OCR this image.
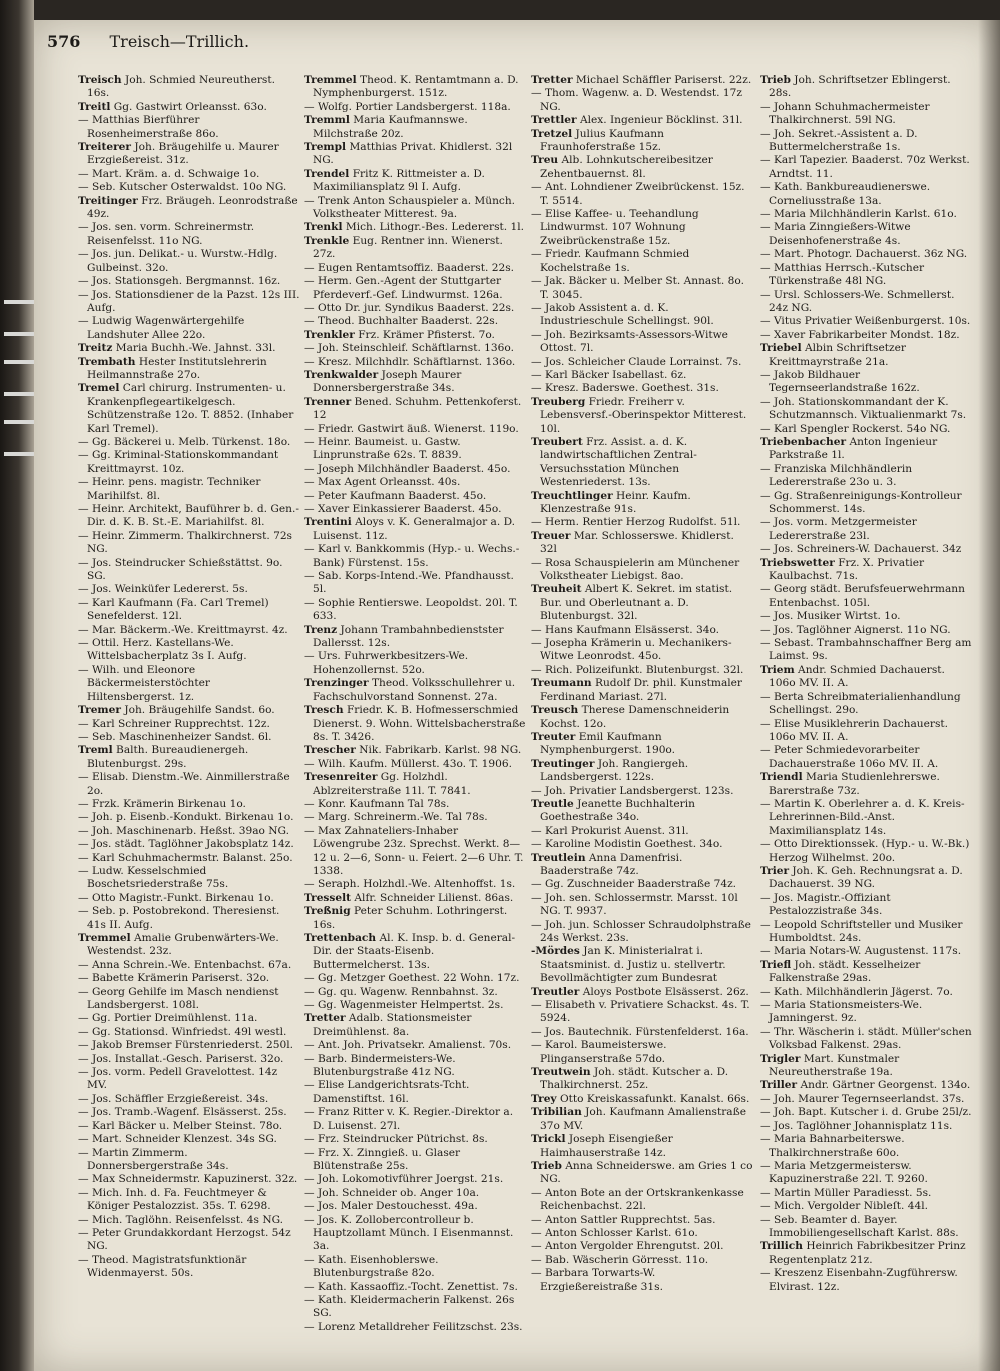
576 Treisch—Trillich.

Treisch Joh. Schmied Neureutherst. 16s.

Treitl Gg. Gastwirt Orleansst. 63o.

— Matthias Bierführer Rosenheimerstraße 86o.

Treiterer Joh. Bräugehilfe u. Maurer Erzgießereist. 31z.

— Mart. Kräm. a. d. Schwaige 1o.

— Seb. Kutscher Osterwaldst. 10o NG.

Treitinger Frz. Bräugeh. Leonrodstraße 49z.

— Jos. sen. vorm. Schreinermstr. Reisenfelsst. 11o NG.

— Jos. jun. Delikat.- u. Wurstw.-Hdlg. Gulbeinst. 32o.

— Jos. Stationsgeh. Bergmannst. 16z.

— Jos. Stationsdiener de la Pazst. 12s III. Aufg.

— Ludwig Wagenwärtergehilfe Landshuter Allee 22o.

Treitz Maria Buchh.-We. Jahnst. 33l.

Trembath Hester Institutslehrerin Heilmannstraße 27o.

Tremel Carl chirurg. Instrumenten- u. Krankenpflegeartikelgesch. Schützenstraße 12o. T. 8852. (Inhaber Karl Tremel).

— Gg. Bäckerei u. Melb. Türkenst. 18o.

— Gg. Kriminal-Stationskommandant Kreittmayrst. 10z.

— Heinr. pens. magistr. Techniker Marihilfst. 8l.

— Heinr. Architekt, Bauführer b. d. Gen.-Dir. d. K. B. St.-E. Mariahilfst. 8l.

— Heinr. Zimmerm. Thalkirchnerst. 72s NG.

— Jos. Steindrucker Schießstättst. 9o. SG.

— Jos. Weinküfer Ledererst. 5s.

— Karl Kaufmann (Fa. Carl Tremel) Senefelderst. 12l.

— Mar. Bäckerm.-We. Kreittmayrst. 4z.

— Ottil. Herz. Kastellans-We. Wittelsbacherplatz 3s I. Aufg.

— Wilh. und Eleonore Bäckermeisterstöchter Hiltensbergerst. 1z.

Tremer Joh. Bräugehilfe Sandst. 6o.

— Karl Schreiner Rupprechtst. 12z.

— Seb. Maschinenheizer Sandst. 6l.

Treml Balth. Bureaudienergeh. Blutenburgst. 29s.

— Elisab. Dienstm.-We. Ainmillerstraße 2o.

— Frzk. Krämerin Birkenau 1o.

— Joh. p. Eisenb.-Kondukt. Birkenau 1o.

— Joh. Maschinenarb. Heßst. 39ao NG.

— Jos. städt. Taglöhner Jakobsplatz 14z.

— Karl Schuhmachermstr. Balanst. 25o.

— Ludw. Kesselschmied Boschetsriederstraße 75s.

— Otto Magistr.-Funkt. Birkenau 1o.

— Seb. p. Postobrekond. Theresienst. 41s II. Aufg.

Tremmel Amalie Grubenwärters-We. Westendst. 23z.

— Anna Schrein.-We. Entenbachst. 67a.

— Babette Krämerin Pariserst. 32o.

— Georg Gehilfe im Masch nendienst Landsbergerst. 108l.

— Gg. Portier Dreimühlenst. 11a.

— Gg. Stationsd. Winfriedst. 49l westl.

— Jakob Bremser Fürstenriederst. 250l.

— Jos. Installat.-Gesch. Pariserst. 32o.

— Jos. vorm. Pedell Gravelottest. 14z MV.

— Jos. Schäffler Erzgießereist. 34s.

— Jos. Tramb.-Wagenf. Elsässerst. 25s.

— Karl Bäcker u. Melber Steinst. 78o.

— Mart. Schneider Klenzest. 34s SG.

— Martin Zimmerm. Donnersbergerstraße 34s.

— Max Schneidermstr. Kapuzinerst. 32z.

— Mich. Inh. d. Fa. Feuchtmeyer & Königer Pestalozzist. 35s. T. 6298.

— Mich. Taglöhn. Reisenfelsst. 4s NG.

— Peter Grundakkordant Herzogst. 54z NG.

— Theod. Magistratsfunktionär Widenmayerst. 50s.

Tremmel Theod. K. Rentamtmann a. D. Nymphenburgerst. 151z.

— Wolfg. Portier Landsbergerst. 118a.

Tremml Maria Kaufmannswe. Milchstraße 20z.

Trempl Matthias Privat. Khidlerst. 32l NG.

Trendel Fritz K. Rittmeister a. D. Maximiliansplatz 9l I. Aufg.

— Trenk Anton Schauspieler a. Münch. Volkstheater Mitterest. 9a.

Trenkl Mich. Lithogr.-Bes. Ledererst. 1l.

Trenkle Eug. Rentner inn. Wienerst. 27z.

— Eugen Rentamtsoffiz. Baaderst. 22s.

— Herm. Gen.-Agent der Stuttgarter Pferdeverf.-Gef. Lindwurmst. 126a.

— Otto Dr. jur. Syndikus Baaderst. 22s.

— Theod. Buchhalter Baaderst. 22s.

Trenkler Frz. Krämer Pfisterst. 7o.

— Joh. Steinschleif. Schäftlarnst. 136o.

— Kresz. Milchhdlr. Schäftlarnst. 136o.

Trenkwalder Joseph Maurer Donnersbergerstraße 34s.

Trenner Bened. Schuhm. Pettenkoferst. 12

— Friedr. Gastwirt äuß. Wienerst. 119o.

— Heinr. Baumeist. u. Gastw. Linprunstraße 62s. T. 8839.

— Joseph Milchhändler Baaderst. 45o.

— Max Agent Orleansst. 40s.

— Peter Kaufmann Baaderst. 45o.

— Xaver Einkassierer Baaderst. 45o.

Trentini Aloys v. K. Generalmajor a. D. Luisenst. 11z.

— Karl v. Bankkommis (Hyp.- u. Wechs.-Bank) Fürstenst. 15s.

— Sab. Korps-Intend.-We. Pfandhausst. 5l.

— Sophie Rentierswe. Leopoldst. 20l. T. 633.

Trenz Johann Trambahnbedienstster Dallersst. 12s.

— Urs. Fuhrwerkbesitzers-We. Hohenzollernst. 52o.

Trenzinger Theod. Volksschullehrer u. Fachschulvorstand Sonnenst. 27a.

Tresch Friedr. K. B. Hofmesserschmied Dienerst. 9. Wohn. Wittelsbacherstraße 8s. T. 3426.

Trescher Nik. Fabrikarb. Karlst. 98 NG.

— Wilh. Kaufm. Müllerst. 43o. T. 1906.

Tresenreiter Gg. Holzhdl. Ablzreiterstraße 11l. T. 7841.

— Konr. Kaufmann Tal 78s.

— Marg. Schreinerm.-We. Tal 78s.

— Max Zahnateliers-Inhaber Löwengrube 23z. Sprechst. Werkt. 8—12 u. 2—6, Sonn- u. Feiert. 2—6 Uhr. T. 1338.

— Seraph. Holzhdl.-We. Altenhoffst. 1s.

Tresselt Alfr. Schneider Lilienst. 86as.

Treßnig Peter Schuhm. Lothringerst. 16s.

Trettenbach Al. K. Insp. b. d. General-Dir. der Staats-Eisenb. Buttermelcherst. 13s.

— Gg. Metzger Goethest. 22 Wohn. 17z.

— Gg. qu. Wagenw. Rennbahnst. 3z.

— Gg. Wagenmeister Helmpertst. 2s.

Tretter Adalb. Stationsmeister Dreimühlenst. 8a.

— Ant. Joh. Privatsekr. Amalienst. 70s.

— Barb. Bindermeisters-We. Blutenburgstraße 41z NG.

— Elise Landgerichtsrats-Tcht. Damenstiftst. 16l.

— Franz Ritter v. K. Regier.-Direktor a. D. Luisenst. 27l.

— Frz. Steindrucker Pütrichst. 8s.

— Frz. X. Zinngieß. u. Glaser Blütenstraße 25s.

— Joh. Lokomotivführer Joergst. 21s.

— Joh. Schneider ob. Anger 10a.

— Jos. Maler Destouchesst. 49a.

— Jos. K. Zollobercontrolleur b. Hauptzollamt Münch. I Eisenmannst. 3a.

— Kath. Eisenhoblerswe. Blutenburgstraße 82o.

— Kath. Kassaoffiz.-Tocht. Zenettist. 7s.

— Kath. Kleidermacherin Falkenst. 26s SG.

— Lorenz Metalldreher Feilitzschst. 23s.

Tretter Michael Schäffler Pariserst. 22z.

— Thom. Wagenw. a. D. Westendst. 17z NG.

Trettler Alex. Ingenieur Böcklinst. 31l.

Tretzel Julius Kaufmann Fraunhoferstraße 15z.

Treu Alb. Lohnkutschereibesitzer Zehentbauernst. 8l.

— Ant. Lohndiener Zweibrückenst. 15z. T. 5514.

— Elise Kaffee- u. Teehandlung Lindwurmst. 107 Wohnung Zweibrückenstraße 15z.

— Friedr. Kaufmann Schmied Kochelstraße 1s.

— Jak. Bäcker u. Melber St. Annast. 8o. T. 3045.

— Jakob Assistent a. d. K. Industrieschule Schellingst. 90l.

— Joh. Bezirksamts-Assessors-Witwe Ottost. 7l.

— Jos. Schleicher Claude Lorrainst. 7s.

— Karl Bäcker Isabellast. 6z.

— Kresz. Baderswe. Goethest. 31s.

Treuberg Friedr. Freiherr v. Lebensversf.-Oberinspektor Mitterest. 10l.

Treubert Frz. Assist. a. d. K. landwirtschaftlichen Zentral-Versuchsstation München Westenriederst. 13s.

Treuchtlinger Heinr. Kaufm. Klenzestraße 91s.

— Herm. Rentier Herzog Rudolfst. 51l.

Treuer Mar. Schlosserswe. Khidlerst. 32l

— Rosa Schauspielerin am Münchener Volkstheater Liebigst. 8ao.

Treuheit Albert K. Sekret. im statist. Bur. und Oberleutnant a. D. Blutenburgst. 32l.

— Hans Kaufmann Elsässerst. 34o.

— Josepha Krämerin u. Mechanikers-Witwe Leonrodst. 45o.

— Rich. Polizeifunkt. Blutenburgst. 32l.

Treumann Rudolf Dr. phil. Kunstmaler Ferdinand Mariast. 27l.

Treusch Therese Damenschneiderin Kochst. 12o.

Treuter Emil Kaufmann Nymphenburgerst. 190o.

Treutinger Joh. Rangiergeh. Landsbergerst. 122s.

— Joh. Privatier Landsbergerst. 123s.

Treutle Jeanette Buchhalterin Goethestraße 34o.

— Karl Prokurist Auenst. 31l.

— Karoline Modistin Goethest. 34o.

Treutlein Anna Damenfrisi. Baaderstraße 74z.

— Gg. Zuschneider Baaderstraße 74z.

— Joh. sen. Schlossermstr. Marsst. 10l NG. T. 9937.

— Joh. jun. Schlosser Schraudolphstraße 24s Werkst. 23s.

-Mördes Jan K. Ministerialrat i. Staatsminist. d. Justiz u. stellvertr. Bevollmächtigter zum Bundesrat

Treutler Aloys Postbote Elsässerst. 26z.

— Elisabeth v. Privatiere Schackst. 4s. T. 5924.

— Jos. Bautechnik. Fürstenfelderst. 16a.

— Karol. Baumeisterswe. Plinganserstraße 57do.

Treutwein Joh. städt. Kutscher a. D. Thalkirchnerst. 25z.

Trey Otto Kreiskassafunkt. Kanalst. 66s.

Tribilian Joh. Kaufmann Amalienstraße 37o MV.

Trickl Joseph Eisengießer Haimhauserstraße 14z.

Trieb Anna Schneiderswe. am Gries 1 co NG.

— Anton Bote an der Ortskrankenkasse Reichenbachst. 22l.

— Anton Sattler Rupprechtst. 5as.

— Anton Schlosser Karlst. 61o.

— Anton Vergolder Ehrengutst. 20l.

— Bab. Wäscherin Görresst. 11o.

— Barbara Torwarts-W. Erzgießereistraße 31s.

Trieb Joh. Schriftsetzer Eblingerst. 28s.

— Johann Schuhmachermeister Thalkirchnerst. 59l NG.

— Joh. Sekret.-Assistent a. D. Buttermelcherstraße 1s.

— Karl Tapezier. Baaderst. 70z Werkst. Arndtst. 11.

— Kath. Bankbureaudienerswe. Corneliusstraße 13a.

— Maria Milchhändlerin Karlst. 61o.

— Maria Zinngießers-Witwe Deisenhofenerstraße 4s.

— Mart. Photogr. Dachauerst. 36z NG.

— Matthias Herrsch.-Kutscher Türkenstraße 48l NG.

— Ursl. Schlossers-We. Schmellerst. 24z NG.

— Vitus Privatier Weißenburgerst. 10s.

— Xaver Fabrikarbeiter Mondst. 18z.

Triebel Albin Schriftsetzer Kreittmayrstraße 21a.

— Jakob Bildhauer Tegernseerlandstraße 162z.

— Joh. Stationskommandant der K. Schutzmannsch. Viktualienmarkt 7s.

— Karl Spengler Rockerst. 54o NG.

Triebenbacher Anton Ingenieur Parkstraße 1l.

— Franziska Milchhändlerin Ledererstraße 23o u. 3.

— Gg. Straßenreinigungs-Kontrolleur Schommerst. 14s.

— Jos. vorm. Metzgermeister Ledererstraße 23l.

— Jos. Schreiners-W. Dachauerst. 34z

Triebswetter Frz. X. Privatier Kaulbachst. 71s.

— Georg städt. Berufsfeuerwehrmann Entenbachst. 105l.

— Jos. Musiker Wirtst. 1o.

— Jos. Taglöhner Aignerst. 11o NG.

— Sebast. Trambahnschaffner Berg am Laimst. 9s.

Triem Andr. Schmied Dachauerst. 106o MV. II. A.

— Berta Schreibmaterialienhandlung Schellingst. 29o.

— Elise Musiklehrerin Dachauerst. 106o MV. II. A.

— Peter Schmiedevorarbeiter Dachauerstraße 106o MV. II. A.

Triendl Maria Studienlehrerswe. Barerstraße 73z.

— Martin K. Oberlehrer a. d. K. Kreis-Lehrerinnen-Bild.-Anst. Maximiliansplatz 14s.

— Otto Direktionssek. (Hyp.- u. W.-Bk.) Herzog Wilhelmst. 20o.

Trier Joh. K. Geh. Rechnungsrat a. D. Dachauerst. 39 NG.

— Jos. Magistr.-Offiziant Pestalozzistraße 34s.

— Leopold Schriftsteller und Musiker Humboldtst. 24s.

— Maria Notars-W. Augustenst. 117s.

Triefl Joh. städt. Kesselheizer Falkenstraße 29as.

— Kath. Milchhändlerin Jägerst. 7o.

— Maria Stationsmeisters-We. Jamningerst. 9z.

— Thr. Wäscherin i. städt. Müller'schen Volksbad Falkenst. 29as.

Trigler Mart. Kunstmaler Neureutherstraße 19a.

Triller Andr. Gärtner Georgenst. 134o.

— Joh. Maurer Tegernseerlandst. 37s.

— Joh. Bapt. Kutscher i. d. Grube 25l/z.

— Jos. Taglöhner Johannisplatz 11s.

— Maria Bahnarbeiterswe. Thalkirchnerstraße 60o.

— Maria Metzgermeistersw. Kapuzinerstraße 22l. T. 9260.

— Martin Müller Paradiesst. 5s.

— Mich. Vergolder Nibleſt. 44l.

— Seb. Beamter d. Bayer. Immobiliengesellschaft Karlst. 88s.

Trillich Heinrich Fabrikbesitzer Prinz Regentenplatz 21z.

— Kreszenz Eisenbahn-Zugführersw. Elvirast. 12z.
